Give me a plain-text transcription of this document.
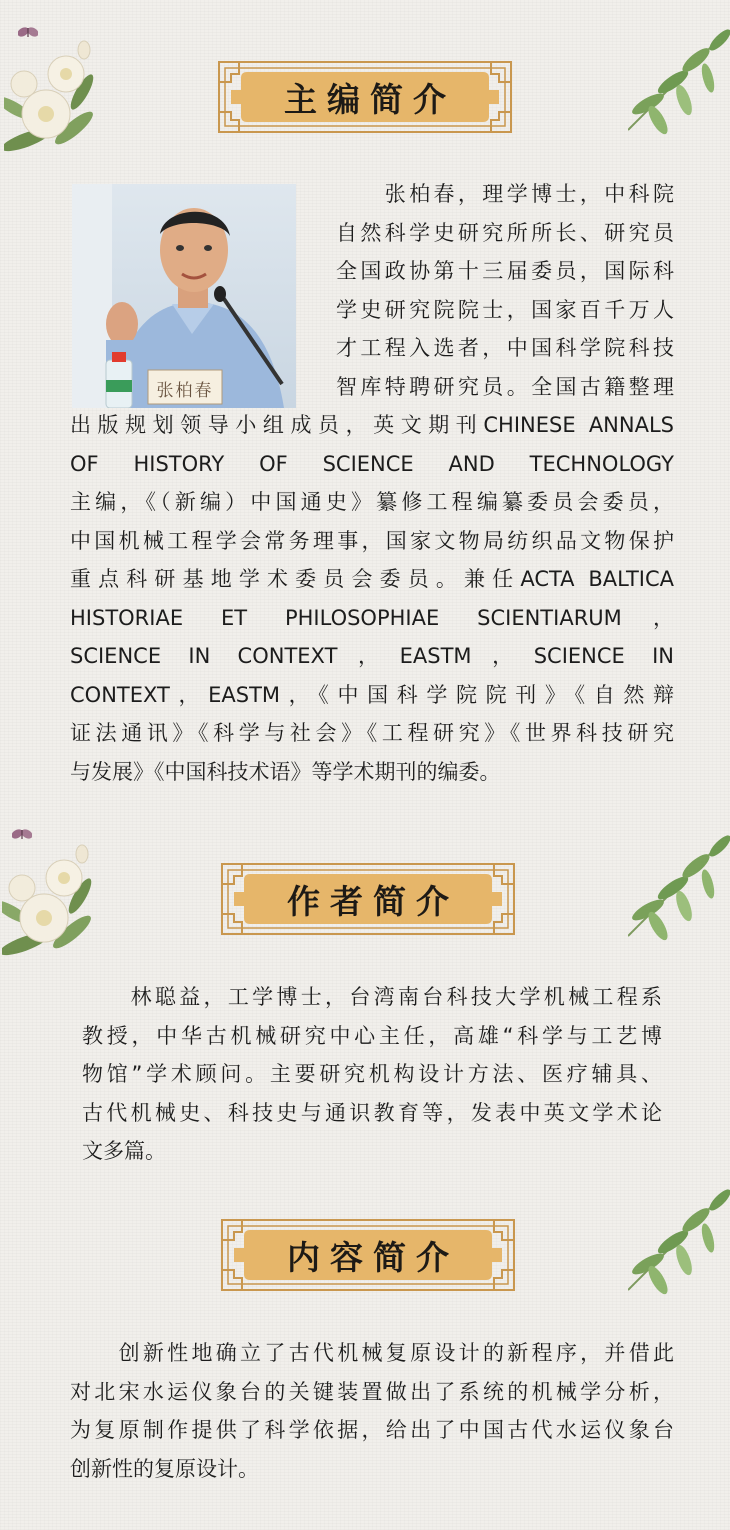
主编简介
张柏春
　　张柏春，理学博士，中科院
自然科学史研究所所长、研究员
全国政协第十三届委员，国际科
学史研究院院士，国家百千万人
才工程入选者，中国科学院科技
智库特聘研究员。全国古籍整理
出版规划领导小组成员，英文期刊CHINESE ANNALS
OF HISTORY OF SCIENCE AND TECHNOLOGY
主编，《（新编）中国通史》纂修工程编纂委员会委员，
中国机械工程学会常务理事，国家文物局纺织品文物保护
重点科研基地学术委员会委员。兼任ACTA BALTICA
HISTORIAE ET PHILOSOPHIAE SCIENTIARUM，
SCIENCE IN CONTEXT，EASTM，SCIENCE IN
CONTEXT，EASTM，《中国科学院院刊》《自然辩
证法通讯》《科学与社会》《工程研究》《世界科技研究
与发展》《中国科技术语》等学术期刊的编委。
作者简介
　　林聪益，工学博士，台湾南台科技大学机械工程系
教授，中华古机械研究中心主任，高雄“科学与工艺博
物馆”学术顾问。主要研究机构设计方法、医疗辅具、
古代机械史、科技史与通识教育等，发表中英文学术论
文多篇。
内容简介
　　创新性地确立了古代机械复原设计的新程序，并借此
对北宋水运仪象台的关键装置做出了系统的机械学分析，
为复原制作提供了科学依据，给出了中国古代水运仪象台
创新性的复原设计。
